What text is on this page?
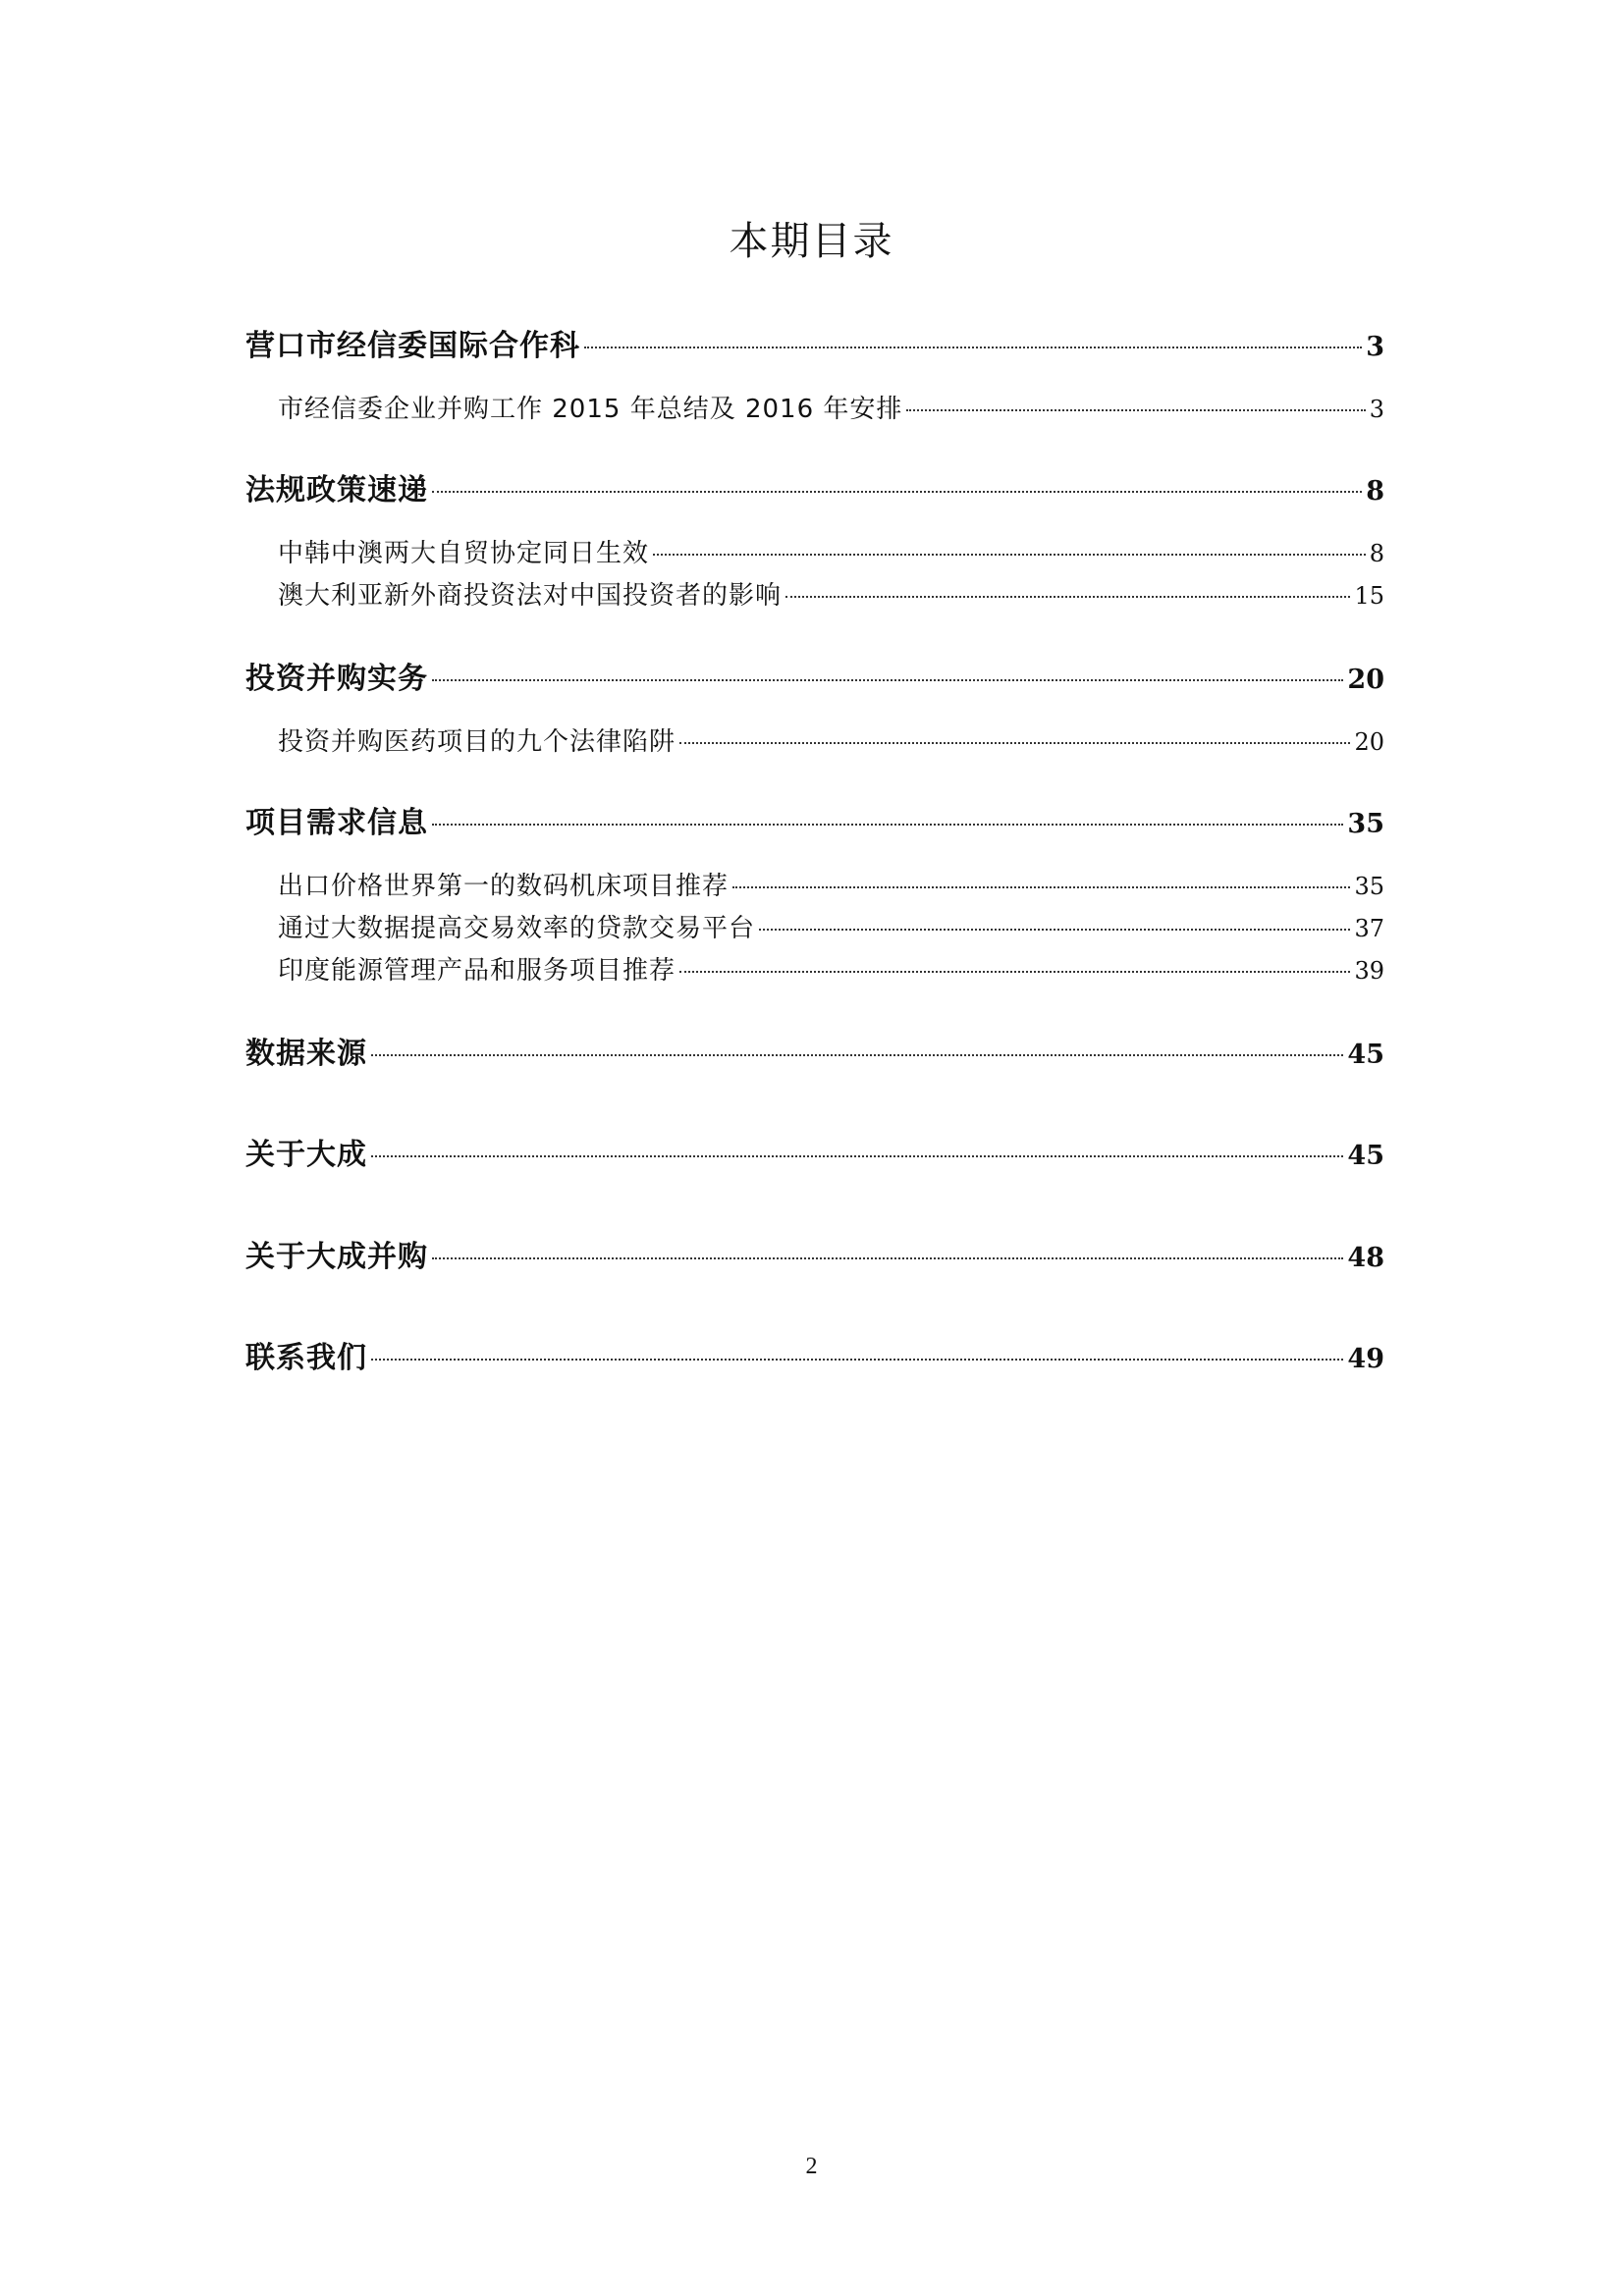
本期目录
营口市经信委国际合作科	3
市经信委企业并购工作 2015 年总结及 2016 年安排	3
法规政策速递	8
中韩中澳两大自贸协定同日生效	8
澳大利亚新外商投资法对中国投资者的影响	15
投资并购实务	20
投资并购医药项目的九个法律陷阱	20
项目需求信息	35
出口价格世界第一的数码机床项目推荐	35
通过大数据提高交易效率的贷款交易平台	37
印度能源管理产品和服务项目推荐	39
数据来源	45
关于大成	45
关于大成并购	48
联系我们	49
2
